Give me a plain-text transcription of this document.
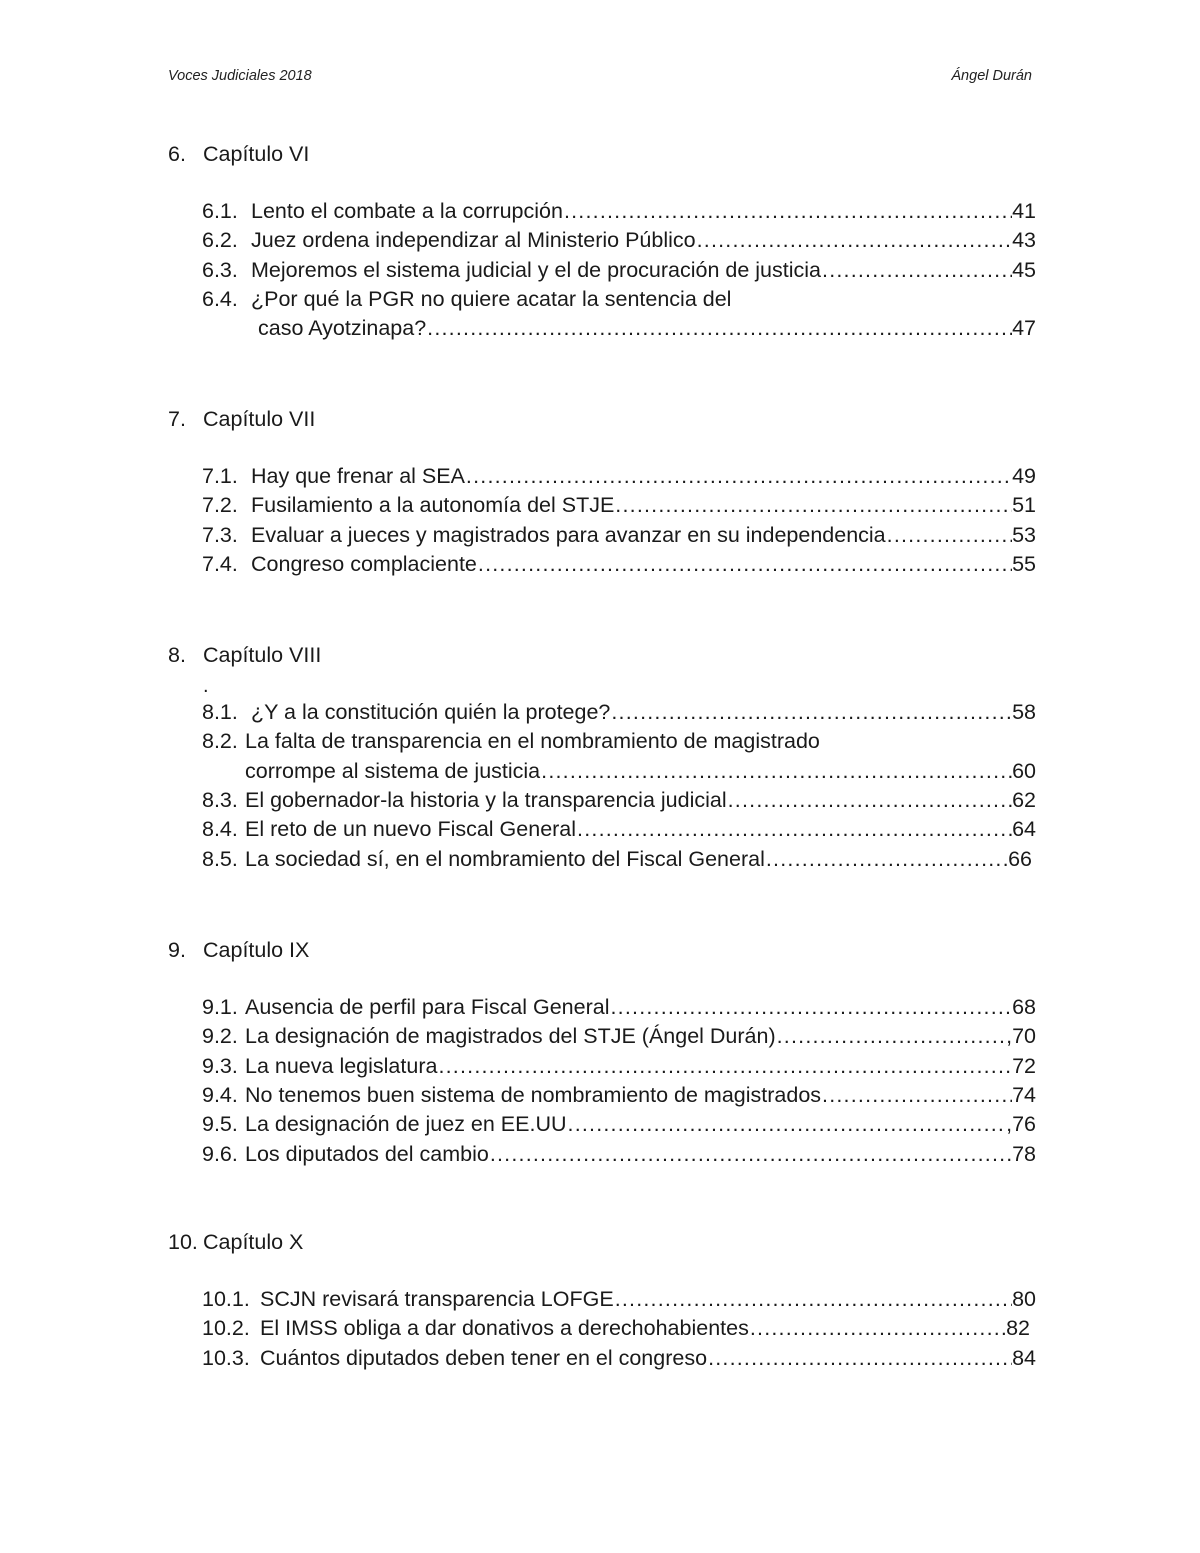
Voces Judiciales 2018	Ángel Durán
6. Capítulo VI
6.1. Lento el combate a la corrupción .....	41
6.2. Juez ordena independizar al Ministerio Público .....	43
6.3. Mejoremos el sistema judicial y el de procuración de justicia .....	45
6.4. ¿Por qué la PGR no quiere acatar la sentencia del
caso Ayotzinapa? .....	47
7. Capítulo VII
7.1. Hay que frenar al SEA .....	49
7.2. Fusilamiento a la autonomía del STJE .....	51
7.3. Evaluar a jueces y magistrados para avanzar en su independencia .....	53
7.4. Congreso complaciente .....	55
8. Capítulo VIII
.
8.1. ¿Y a la constitución quién la protege? .....	58
8.2. La falta de transparencia en el nombramiento de magistrado
corrompe al sistema de justicia .....	60
8.3. El gobernador-la historia y la transparencia judicial .....	62
8.4. El reto de un nuevo Fiscal General .....	64
8.5. La sociedad sí, en el nombramiento del Fiscal General .....	66
9. Capítulo IX
9.1. Ausencia de perfil para Fiscal General .....	68
9.2. La designación de magistrados del STJE (Ángel Durán) .....	,70
9.3. La nueva legislatura .....	72
9.4. No tenemos buen sistema de nombramiento de magistrados .....	74
9.5. La designación de juez en EE.UU .....	,76
9.6. Los diputados del cambio .....	78
10. Capítulo X
10.1. SCJN revisará transparencia LOFGE .....	80
10.2. El IMSS obliga a dar donativos a derechohabientes .....	82
10.3. Cuántos diputados deben tener en el congreso .....	84
